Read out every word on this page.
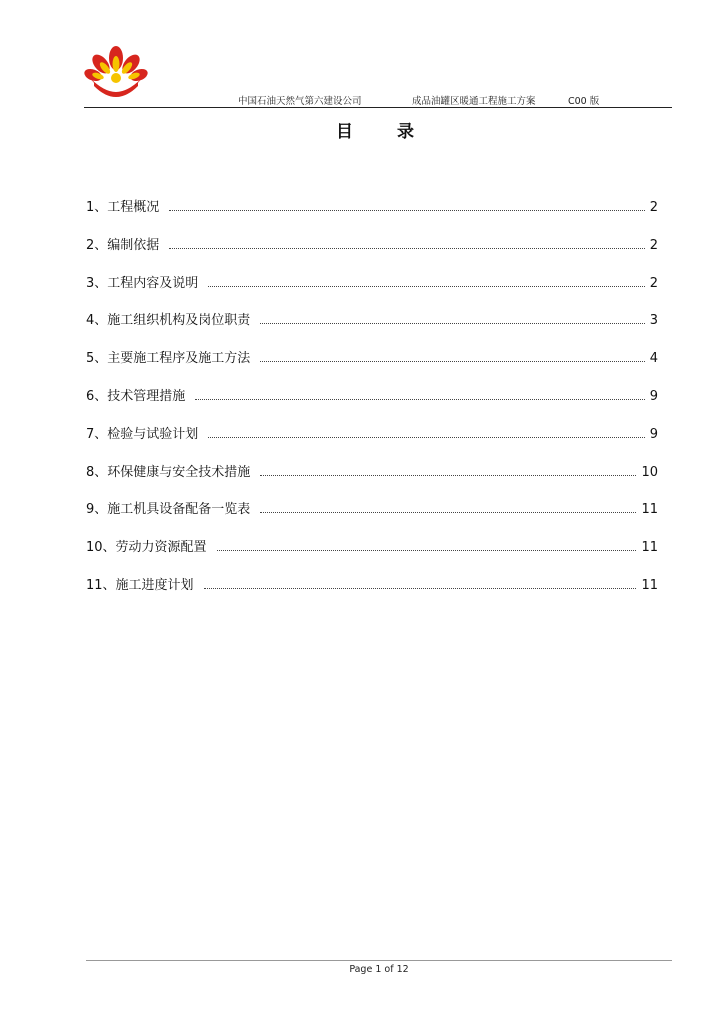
中国石油天然气第六建设公司	成品油罐区暖通工程施工方案	C00 版
目 录
1、工程概况	2
2、编制依据	2
3、工程内容及说明	2
4、施工组织机构及岗位职责	3
5、主要施工程序及施工方法	4
6、技术管理措施	9
7、检验与试验计划	9
8、环保健康与安全技术措施	10
9、施工机具设备配备一览表	11
10、劳动力资源配置	11
11、施工进度计划	11
Page 1 of 12
